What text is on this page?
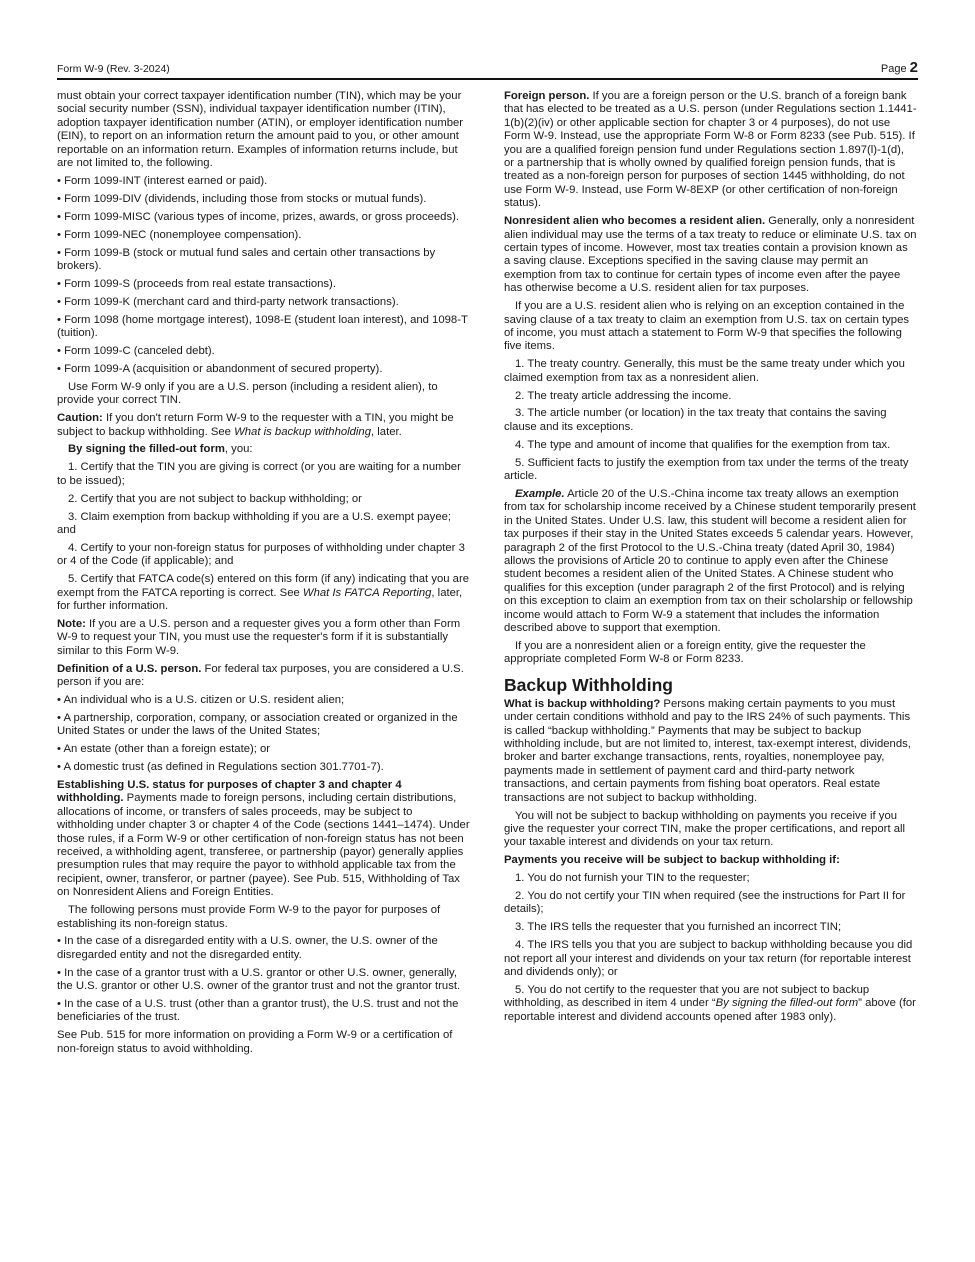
Form W-9 (Rev. 3-2024)	Page 2

must obtain your correct taxpayer identification number (TIN), which may be your social security number (SSN), individual taxpayer identification number (ITIN), adoption taxpayer identification number (ATIN), or employer identification number (EIN), to report on an information return the amount paid to you, or other amount reportable on an information return. Examples of information returns include, but are not limited to, the following.

• Form 1099-INT (interest earned or paid).

• Form 1099-DIV (dividends, including those from stocks or mutual funds).

• Form 1099-MISC (various types of income, prizes, awards, or gross proceeds).

• Form 1099-NEC (nonemployee compensation).

• Form 1099-B (stock or mutual fund sales and certain other transactions by brokers).

• Form 1099-S (proceeds from real estate transactions).

• Form 1099-K (merchant card and third-party network transactions).

• Form 1098 (home mortgage interest), 1098-E (student loan interest), and 1098-T (tuition).

• Form 1099-C (canceled debt).

• Form 1099-A (acquisition or abandonment of secured property).

Use Form W-9 only if you are a U.S. person (including a resident alien), to provide your correct TIN.

Caution: If you don't return Form W-9 to the requester with a TIN, you might be subject to backup withholding. See What is backup withholding, later.

By signing the filled-out form, you:

1. Certify that the TIN you are giving is correct (or you are waiting for a number to be issued);

2. Certify that you are not subject to backup withholding; or

3. Claim exemption from backup withholding if you are a U.S. exempt payee; and

4. Certify to your non-foreign status for purposes of withholding under chapter 3 or 4 of the Code (if applicable); and

5. Certify that FATCA code(s) entered on this form (if any) indicating that you are exempt from the FATCA reporting is correct. See What Is FATCA Reporting, later, for further information.

Note: If you are a U.S. person and a requester gives you a form other than Form W-9 to request your TIN, you must use the requester's form if it is substantially similar to this Form W-9.

Definition of a U.S. person. For federal tax purposes, you are considered a U.S. person if you are:

• An individual who is a U.S. citizen or U.S. resident alien;

• A partnership, corporation, company, or association created or organized in the United States or under the laws of the United States;

• An estate (other than a foreign estate); or

• A domestic trust (as defined in Regulations section 301.7701-7).

Establishing U.S. status for purposes of chapter 3 and chapter 4 withholding. Payments made to foreign persons, including certain distributions, allocations of income, or transfers of sales proceeds, may be subject to withholding under chapter 3 or chapter 4 of the Code (sections 1441–1474). Under those rules, if a Form W-9 or other certification of non-foreign status has not been received, a withholding agent, transferee, or partnership (payor) generally applies presumption rules that may require the payor to withhold applicable tax from the recipient, owner, transferor, or partner (payee). See Pub. 515, Withholding of Tax on Nonresident Aliens and Foreign Entities.

The following persons must provide Form W-9 to the payor for purposes of establishing its non-foreign status.

• In the case of a disregarded entity with a U.S. owner, the U.S. owner of the disregarded entity and not the disregarded entity.

• In the case of a grantor trust with a U.S. grantor or other U.S. owner, generally, the U.S. grantor or other U.S. owner of the grantor trust and not the grantor trust.

• In the case of a U.S. trust (other than a grantor trust), the U.S. trust and not the beneficiaries of the trust.

See Pub. 515 for more information on providing a Form W-9 or a certification of non-foreign status to avoid withholding.

Foreign person. If you are a foreign person or the U.S. branch of a foreign bank that has elected to be treated as a U.S. person (under Regulations section 1.1441-1(b)(2)(iv) or other applicable section for chapter 3 or 4 purposes), do not use Form W-9. Instead, use the appropriate Form W-8 or Form 8233 (see Pub. 515). If you are a qualified foreign pension fund under Regulations section 1.897(l)-1(d), or a partnership that is wholly owned by qualified foreign pension funds, that is treated as a non-foreign person for purposes of section 1445 withholding, do not use Form W-9. Instead, use Form W-8EXP (or other certification of non-foreign status).

Nonresident alien who becomes a resident alien. Generally, only a nonresident alien individual may use the terms of a tax treaty to reduce or eliminate U.S. tax on certain types of income. However, most tax treaties contain a provision known as a saving clause. Exceptions specified in the saving clause may permit an exemption from tax to continue for certain types of income even after the payee has otherwise become a U.S. resident alien for tax purposes.

If you are a U.S. resident alien who is relying on an exception contained in the saving clause of a tax treaty to claim an exemption from U.S. tax on certain types of income, you must attach a statement to Form W-9 that specifies the following five items.

1. The treaty country. Generally, this must be the same treaty under which you claimed exemption from tax as a nonresident alien.

2. The treaty article addressing the income.

3. The article number (or location) in the tax treaty that contains the saving clause and its exceptions.

4. The type and amount of income that qualifies for the exemption from tax.

5. Sufficient facts to justify the exemption from tax under the terms of the treaty article.

Example. Article 20 of the U.S.-China income tax treaty allows an exemption from tax for scholarship income received by a Chinese student temporarily present in the United States. Under U.S. law, this student will become a resident alien for tax purposes if their stay in the United States exceeds 5 calendar years. However, paragraph 2 of the first Protocol to the U.S.-China treaty (dated April 30, 1984) allows the provisions of Article 20 to continue to apply even after the Chinese student becomes a resident alien of the United States. A Chinese student who qualifies for this exception (under paragraph 2 of the first Protocol) and is relying on this exception to claim an exemption from tax on their scholarship or fellowship income would attach to Form W-9 a statement that includes the information described above to support that exemption.

If you are a nonresident alien or a foreign entity, give the requester the appropriate completed Form W-8 or Form 8233.

Backup Withholding

What is backup withholding? Persons making certain payments to you must under certain conditions withhold and pay to the IRS 24% of such payments. This is called “backup withholding.” Payments that may be subject to backup withholding include, but are not limited to, interest, tax-exempt interest, dividends, broker and barter exchange transactions, rents, royalties, nonemployee pay, payments made in settlement of payment card and third-party network transactions, and certain payments from fishing boat operators. Real estate transactions are not subject to backup withholding.

You will not be subject to backup withholding on payments you receive if you give the requester your correct TIN, make the proper certifications, and report all your taxable interest and dividends on your tax return.

Payments you receive will be subject to backup withholding if:

1. You do not furnish your TIN to the requester;

2. You do not certify your TIN when required (see the instructions for Part II for details);

3. The IRS tells the requester that you furnished an incorrect TIN;

4. The IRS tells you that you are subject to backup withholding because you did not report all your interest and dividends on your tax return (for reportable interest and dividends only); or

5. You do not certify to the requester that you are not subject to backup withholding, as described in item 4 under “By signing the filled-out form” above (for reportable interest and dividend accounts opened after 1983 only).
